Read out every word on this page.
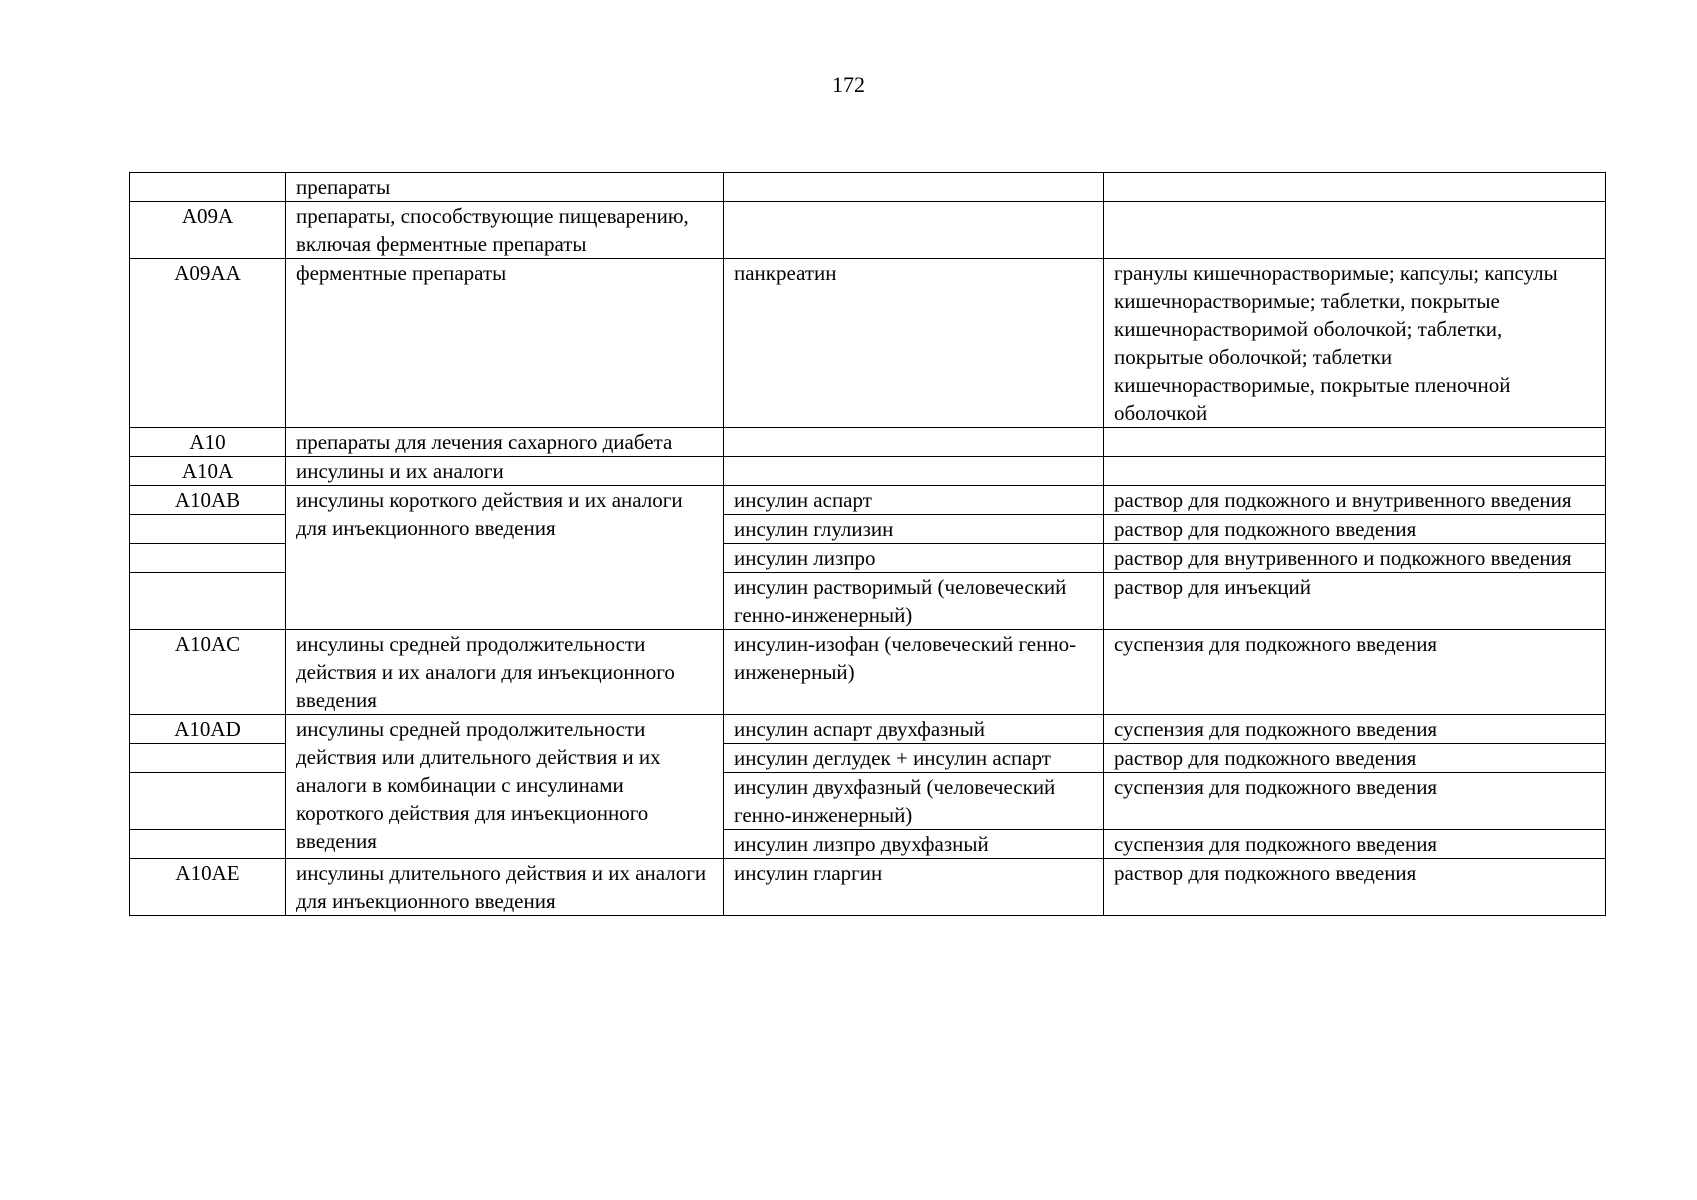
172
	препараты		
A09A	препараты, способствующие пищеварению, включая ферментные препараты		
A09AA	ферментные препараты	панкреатин	гранулы кишечнорастворимые; капсулы; капсулы кишечнорастворимые; таблетки, покрытые кишечнорастворимой оболочкой; таблетки, покрытые оболочкой; таблетки кишечнорастворимые, покрытые пленочной оболочкой
A10	препараты для лечения сахарного диабета		
A10A	инсулины и их аналоги		
A10AB	инсулины короткого действия и их аналоги для инъекционного введения	инсулин аспарт	раствор для подкожного и внутривенного введения
		инсулин глулизин	раствор для подкожного введения
		инсулин лизпро	раствор для внутривенного и подкожного введения
		инсулин растворимый (человеческий генно-инженерный)	раствор для инъекций
A10AC	инсулины средней продолжительности действия и их аналоги для инъекционного введения	инсулин-изофан (человеческий генно-инженерный)	суспензия для подкожного введения
A10AD	инсулины средней продолжительности действия или длительного действия и их аналоги в комбинации с инсулинами короткого действия для инъекционного введения	инсулин аспарт двухфазный	суспензия для подкожного введения
		инсулин деглудек + инсулин аспарт	раствор для подкожного введения
		инсулин двухфазный (человеческий генно-инженерный)	суспензия для подкожного введения
		инсулин лизпро двухфазный	суспензия для подкожного введения
A10AE	инсулины длительного действия и их аналоги для инъекционного введения	инсулин гларгин	раствор для подкожного введения
